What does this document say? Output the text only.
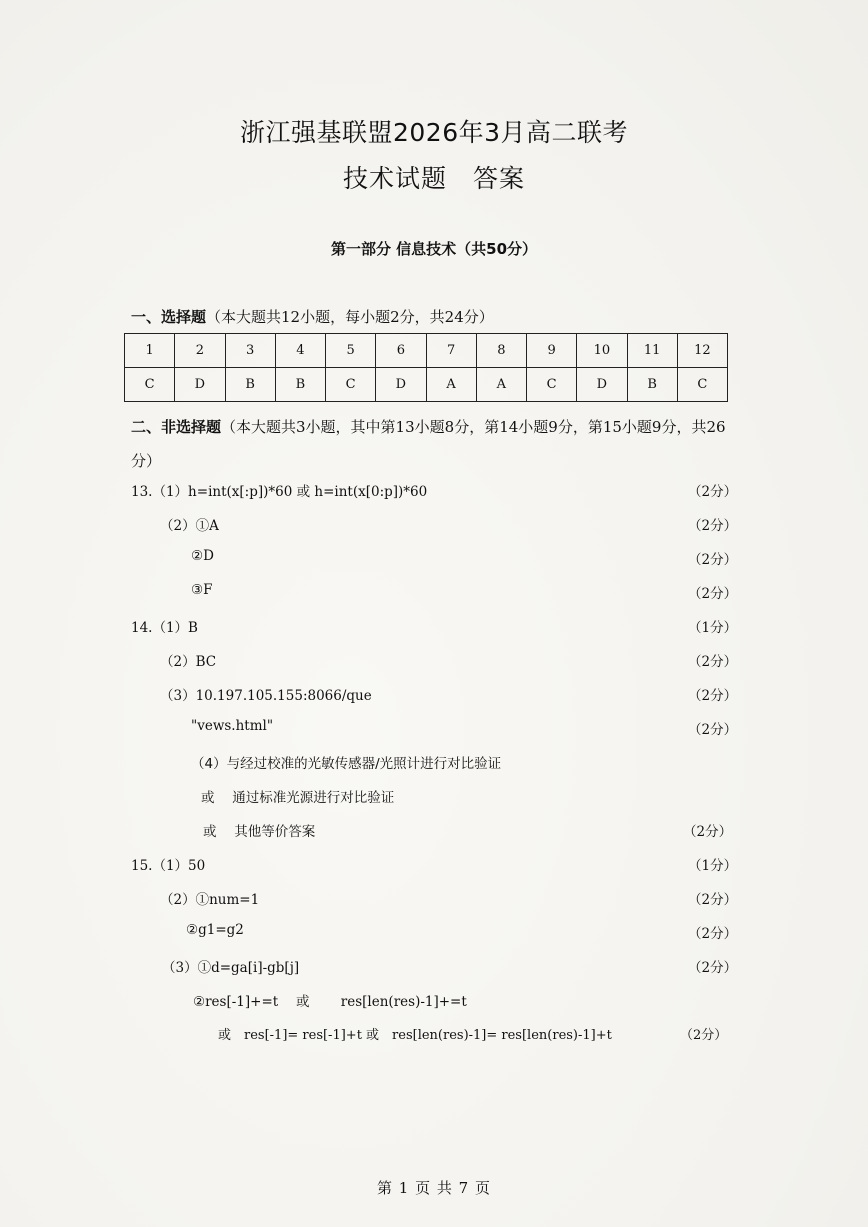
浙江强基联盟2026年3月高二联考
技术试题　答案
第一部分 信息技术（共50分）
一、选择题（本大题共12小题，每小题2分，共24分）
1	2	3	4	5	6	7	8	9	10	11	12
C	D	B	B	C	D	A	A	C	D	B	C
二、非选择题（本大题共3小题，其中第13小题8分，第14小题9分，第15小题9分，共26分）
13.（1）h=int(x[:p])*60 或 h=int(x[0:p])*60	（2分）
（2）①A	（2分）
②D	（2分）
③F	（2分）
14.（1）B	（1分）
（2）BC	（2分）
（3）10.197.105.155:8066/que	（2分）
"vews.html"	（2分）
（4）与经过校准的光敏传感器/光照计进行对比验证
或　 通过标准光源进行对比验证
或　 其他等价答案	（2分）
15.（1）50	（1分）
（2）①num=1	（2分）
②g1=g2	（2分）
（3）①d=ga[i]-gb[j]	（2分）
②res[-1]+=t　 或　　 res[len(res)-1]+=t
或　res[-1]= res[-1]+t 或　res[len(res)-1]= res[len(res)-1]+t	（2分）
第 1 页 共 7 页
